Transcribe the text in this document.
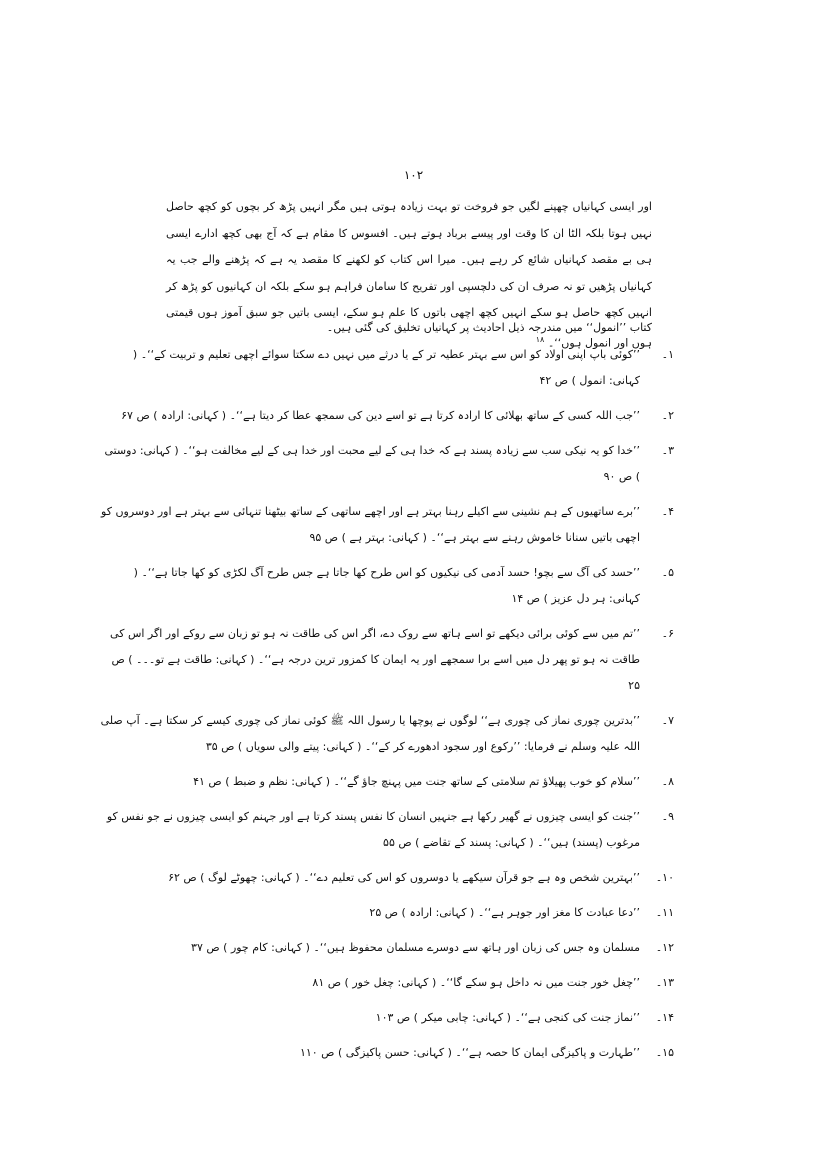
۱۰۲

اور ایسی کہانیاں چھپنے لگیں جو فروخت تو بہت زیادہ ہوتی ہیں مگر انہیں پڑھ کر بچوں کو کچھ حاصل نہیں ہوتا بلکہ الٹا ان کا وقت اور پیسے برباد ہوتے ہیں۔ افسوس کا مقام ہے کہ آج بھی کچھ ادارے ایسی ہی بے مقصد کہانیاں شائع کر رہے ہیں۔ میرا اس کتاب کو لکھنے کا مقصد یہ ہے کہ پڑھنے والے جب یہ کہانیاں پڑھیں تو نہ صرف ان کی دلچسپی اور تفریح کا سامان فراہم ہو سکے بلکہ ان کہانیوں کو پڑھ کر انہیں کچھ حاصل ہو سکے انہیں کچھ اچھی باتوں کا علم ہو سکے، ایسی باتیں جو سبق آموز ہوں قیمتی ہوں اور انمول ہوں‘‘۔ $^{۱۸}$

کتاب ’’انمول‘‘ میں مندرجہ ذیل احادیث پر کہانیاں تخلیق کی گئی ہیں۔

۱۔
’’کوئی باپ اپنی اولاد کو اس سے بہتر عطیہ تر کے یا درثے میں نہیں دے سکتا سوائے اچھی تعلیم و تربیت کے‘‘۔ ( کہانی: انمول ) ص ۴۲
۲۔
’’جب اللہ کسی کے ساتھ بھلائی کا ارادہ کرتا ہے تو اسے دین کی سمجھ عطا کر دیتا ہے‘‘۔ ( کہانی: ارادہ ) ص ۶۷
۳۔
’’خدا کو یہ نیکی سب سے زیادہ پسند ہے کہ خدا ہی کے لیے محبت اور خدا ہی کے لیے مخالفت ہو‘‘۔ ( کہانی: دوستی ) ص ۹۰
۴۔
’’برے ساتھیوں کے ہم نشینی سے اکیلے رہنا بہتر ہے اور اچھے ساتھی کے ساتھ بیٹھنا تنہائی سے بہتر ہے اور دوسروں کو اچھی باتیں سنانا خاموش رہنے سے بہتر ہے‘‘۔ ( کہانی: بہتر ہے ) ص ۹۵
۵۔
’’حسد کی آگ سے بچو! حسد آدمی کی نیکیوں کو اس طرح کھا جاتا ہے جس طرح آگ لکڑی کو کھا جاتا ہے‘‘۔ ( کہانی: ہر دل عزیز ) ص ۱۴
۶۔
’’تم میں سے کوئی برائی دیکھے تو اسے ہاتھ سے روک دے، اگر اس کی طاقت نہ ہو تو زبان سے روکے اور اگر اس کی طاقت نہ ہو تو پھر دل میں اسے برا سمجھے اور یہ ایمان کا کمزور ترین درجہ ہے‘‘۔ ( کہانی: طاقت ہے تو۔۔۔ ) ص ۲۵
۷۔
’’بدترین چوری نماز کی چوری ہے‘‘ لوگوں نے پوچھا یا رسول اللہ ﷺ کوئی نماز کی چوری کیسے کر سکتا ہے۔ آپ صلی اللہ علیہ وسلم نے فرمایا: ’’رکوع اور سجود ادھورے کر کے‘‘۔ ( کہانی: پیتے والی سویاں ) ص ۳۵
۸۔
’’سلام کو خوب پھیلاؤ تم سلامتی کے ساتھ جنت میں پہنچ جاؤ گے‘‘۔ ( کہانی: نظم و ضبط ) ص ۴۱
۹۔
’’جنت کو ایسی چیزوں نے گھیر رکھا ہے جنہیں انسان کا نفس پسند کرتا ہے اور جہنم کو ایسی چیزوں نے جو نفس کو مرغوب (پسند) ہیں‘‘۔ ( کہانی: پسند کے تقاضے ) ص ۵۵
۱۰۔
’’بہترین شخص وہ ہے جو قرآن سیکھے یا دوسروں کو اس کی تعلیم دے‘‘۔ ( کہانی: چھوٹے لوگ ) ص ۶۲
۱۱۔
’’دعا عبادت کا مغز اور جوہر ہے‘‘۔ ( کہانی: ارادہ ) ص ۲۵
۱۲۔
مسلمان وہ جس کی زبان اور ہاتھ سے دوسرے مسلمان محفوظ ہیں‘‘۔ ( کہانی: کام چور ) ص ۳۷
۱۳۔
’’چغل خور جنت میں نہ داخل ہو سکے گا‘‘۔ ( کہانی: چغل خور ) ص ۸۱
۱۴۔
’’نماز جنت کی کنجی ہے‘‘۔ ( کہانی: چابی میکر ) ص ۱۰۳
۱۵۔
’’طہارت و پاکیزگی ایمان کا حصہ ہے‘‘۔ ( کہانی: حسن پاکیزگی ) ص ۱۱۰
